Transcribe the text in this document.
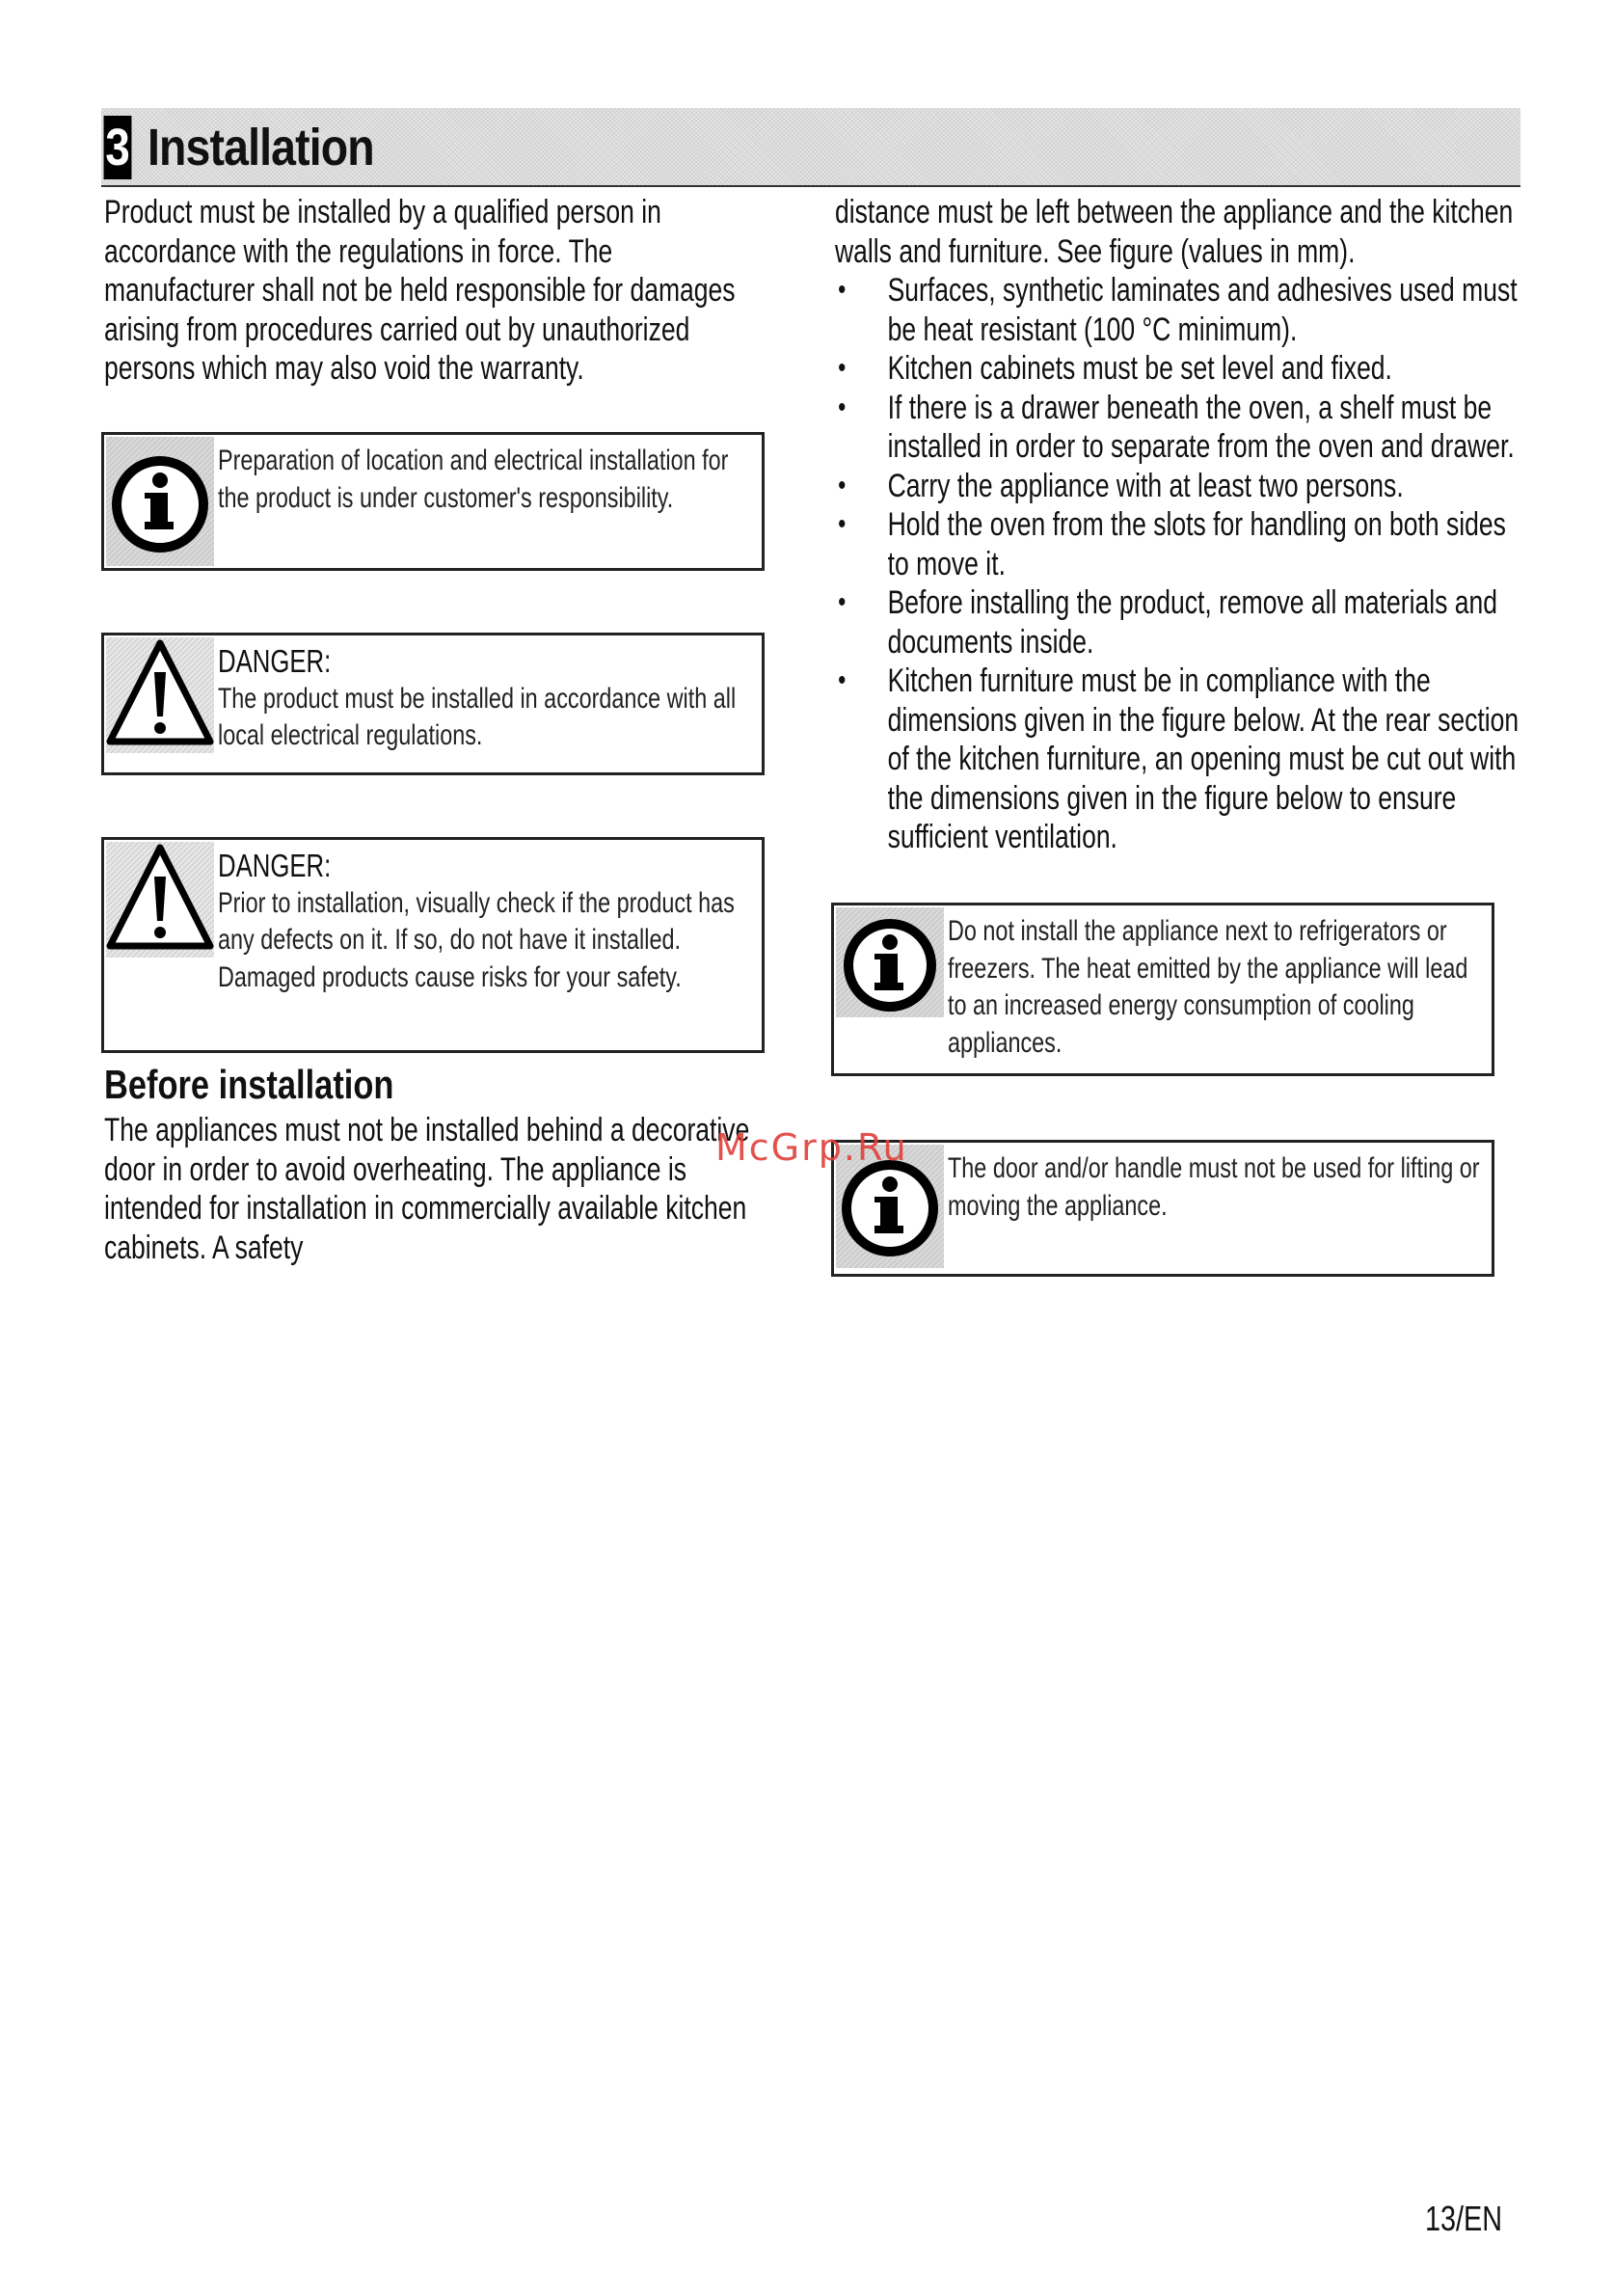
3 Installation

Product must be installed by a qualified person in accordance with the regulations in force. The manufacturer shall not be held responsible for damages arising from procedures carried out by unauthorized persons which may also void the warranty.

Preparation of location and electrical installation for the product is under customer's responsibility.
DANGER:
The product must be installed in accordance with all local electrical regulations.
DANGER:
Prior to installation, visually check if the product has any defects on it. If so, do not have it installed.
Damaged products cause risks for your safety.
Before installation

The appliances must not be installed behind a decorative door in order to avoid overheating. The appliance is intended for installation in commercially available kitchen cabinets. A safety

distance must be left between the appliance and the kitchen walls and furniture. See figure (values in mm).

• Surfaces, synthetic laminates and adhesives used must be heat resistant (100 °C minimum).
• Kitchen cabinets must be set level and fixed.
• If there is a drawer beneath the oven, a shelf must be installed in order to separate from the oven and drawer.
• Carry the appliance with at least two persons.
• Hold the oven from the slots for handling on both sides to move it.
• Before installing the product, remove all materials and documents inside.
• Kitchen furniture must be in compliance with the dimensions given in the figure below. At the rear section of the kitchen furniture, an opening must be cut out with the dimensions given in the figure below to ensure sufficient ventilation.
Do not install the appliance next to refrigerators or freezers. The heat emitted by the appliance will lead to an increased energy consumption of cooling appliances.
The door and/or handle must not be used for lifting or moving the appliance.
McGrp.Ru
13/EN
